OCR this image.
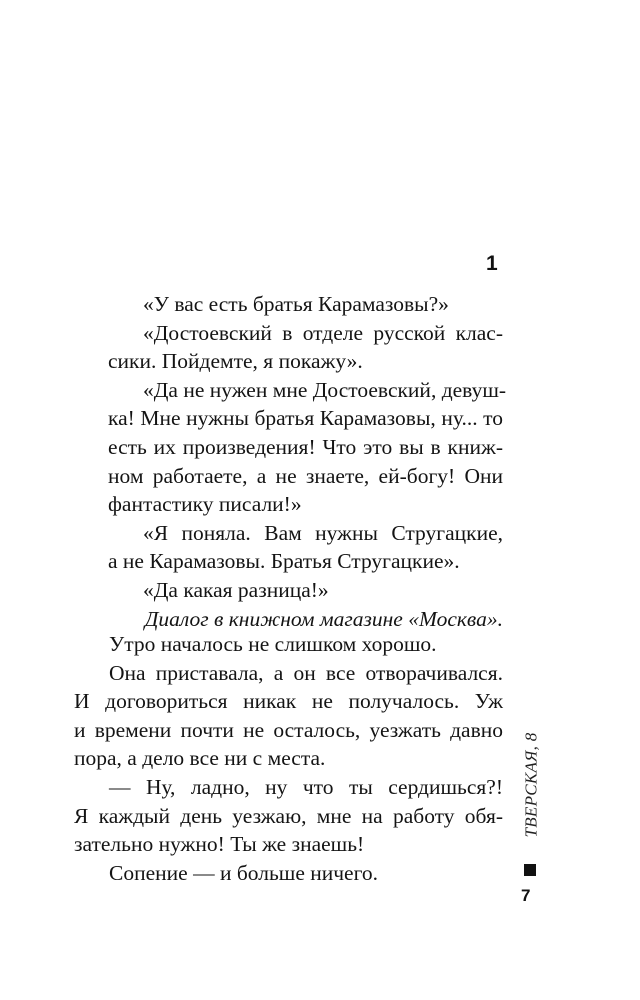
1
«У вас есть братья Карамазовы?»
«Достоевский в отделе русской клас-
сики. Пойдемте, я покажу».
«Да не нужен мне Достоевский, девуш-
ка! Мне нужны братья Карамазовы, ну... то
есть их произведения! Что это вы в книж-
ном работаете, а не знаете, ей-богу! Они
фантастику писали!»
«Я поняла. Вам нужны Стругацкие,
а не Карамазовы. Братья Стругацкие».
«Да какая разница!»
Диалог в книжном магазине «Москва».
Утро началось не слишком хорошо.
Она приставала, а он все отворачивался.
И договориться никак не получалось. Уж
и времени почти не осталось, уезжать давно
пора, а дело все ни с места.
— Ну, ладно, ну что ты сердишься?!
Я каждый день уезжаю, мне на работу обя-
зательно нужно! Ты же знаешь!
Сопение — и больше ничего.
ТВЕРСКАЯ, 8
7
